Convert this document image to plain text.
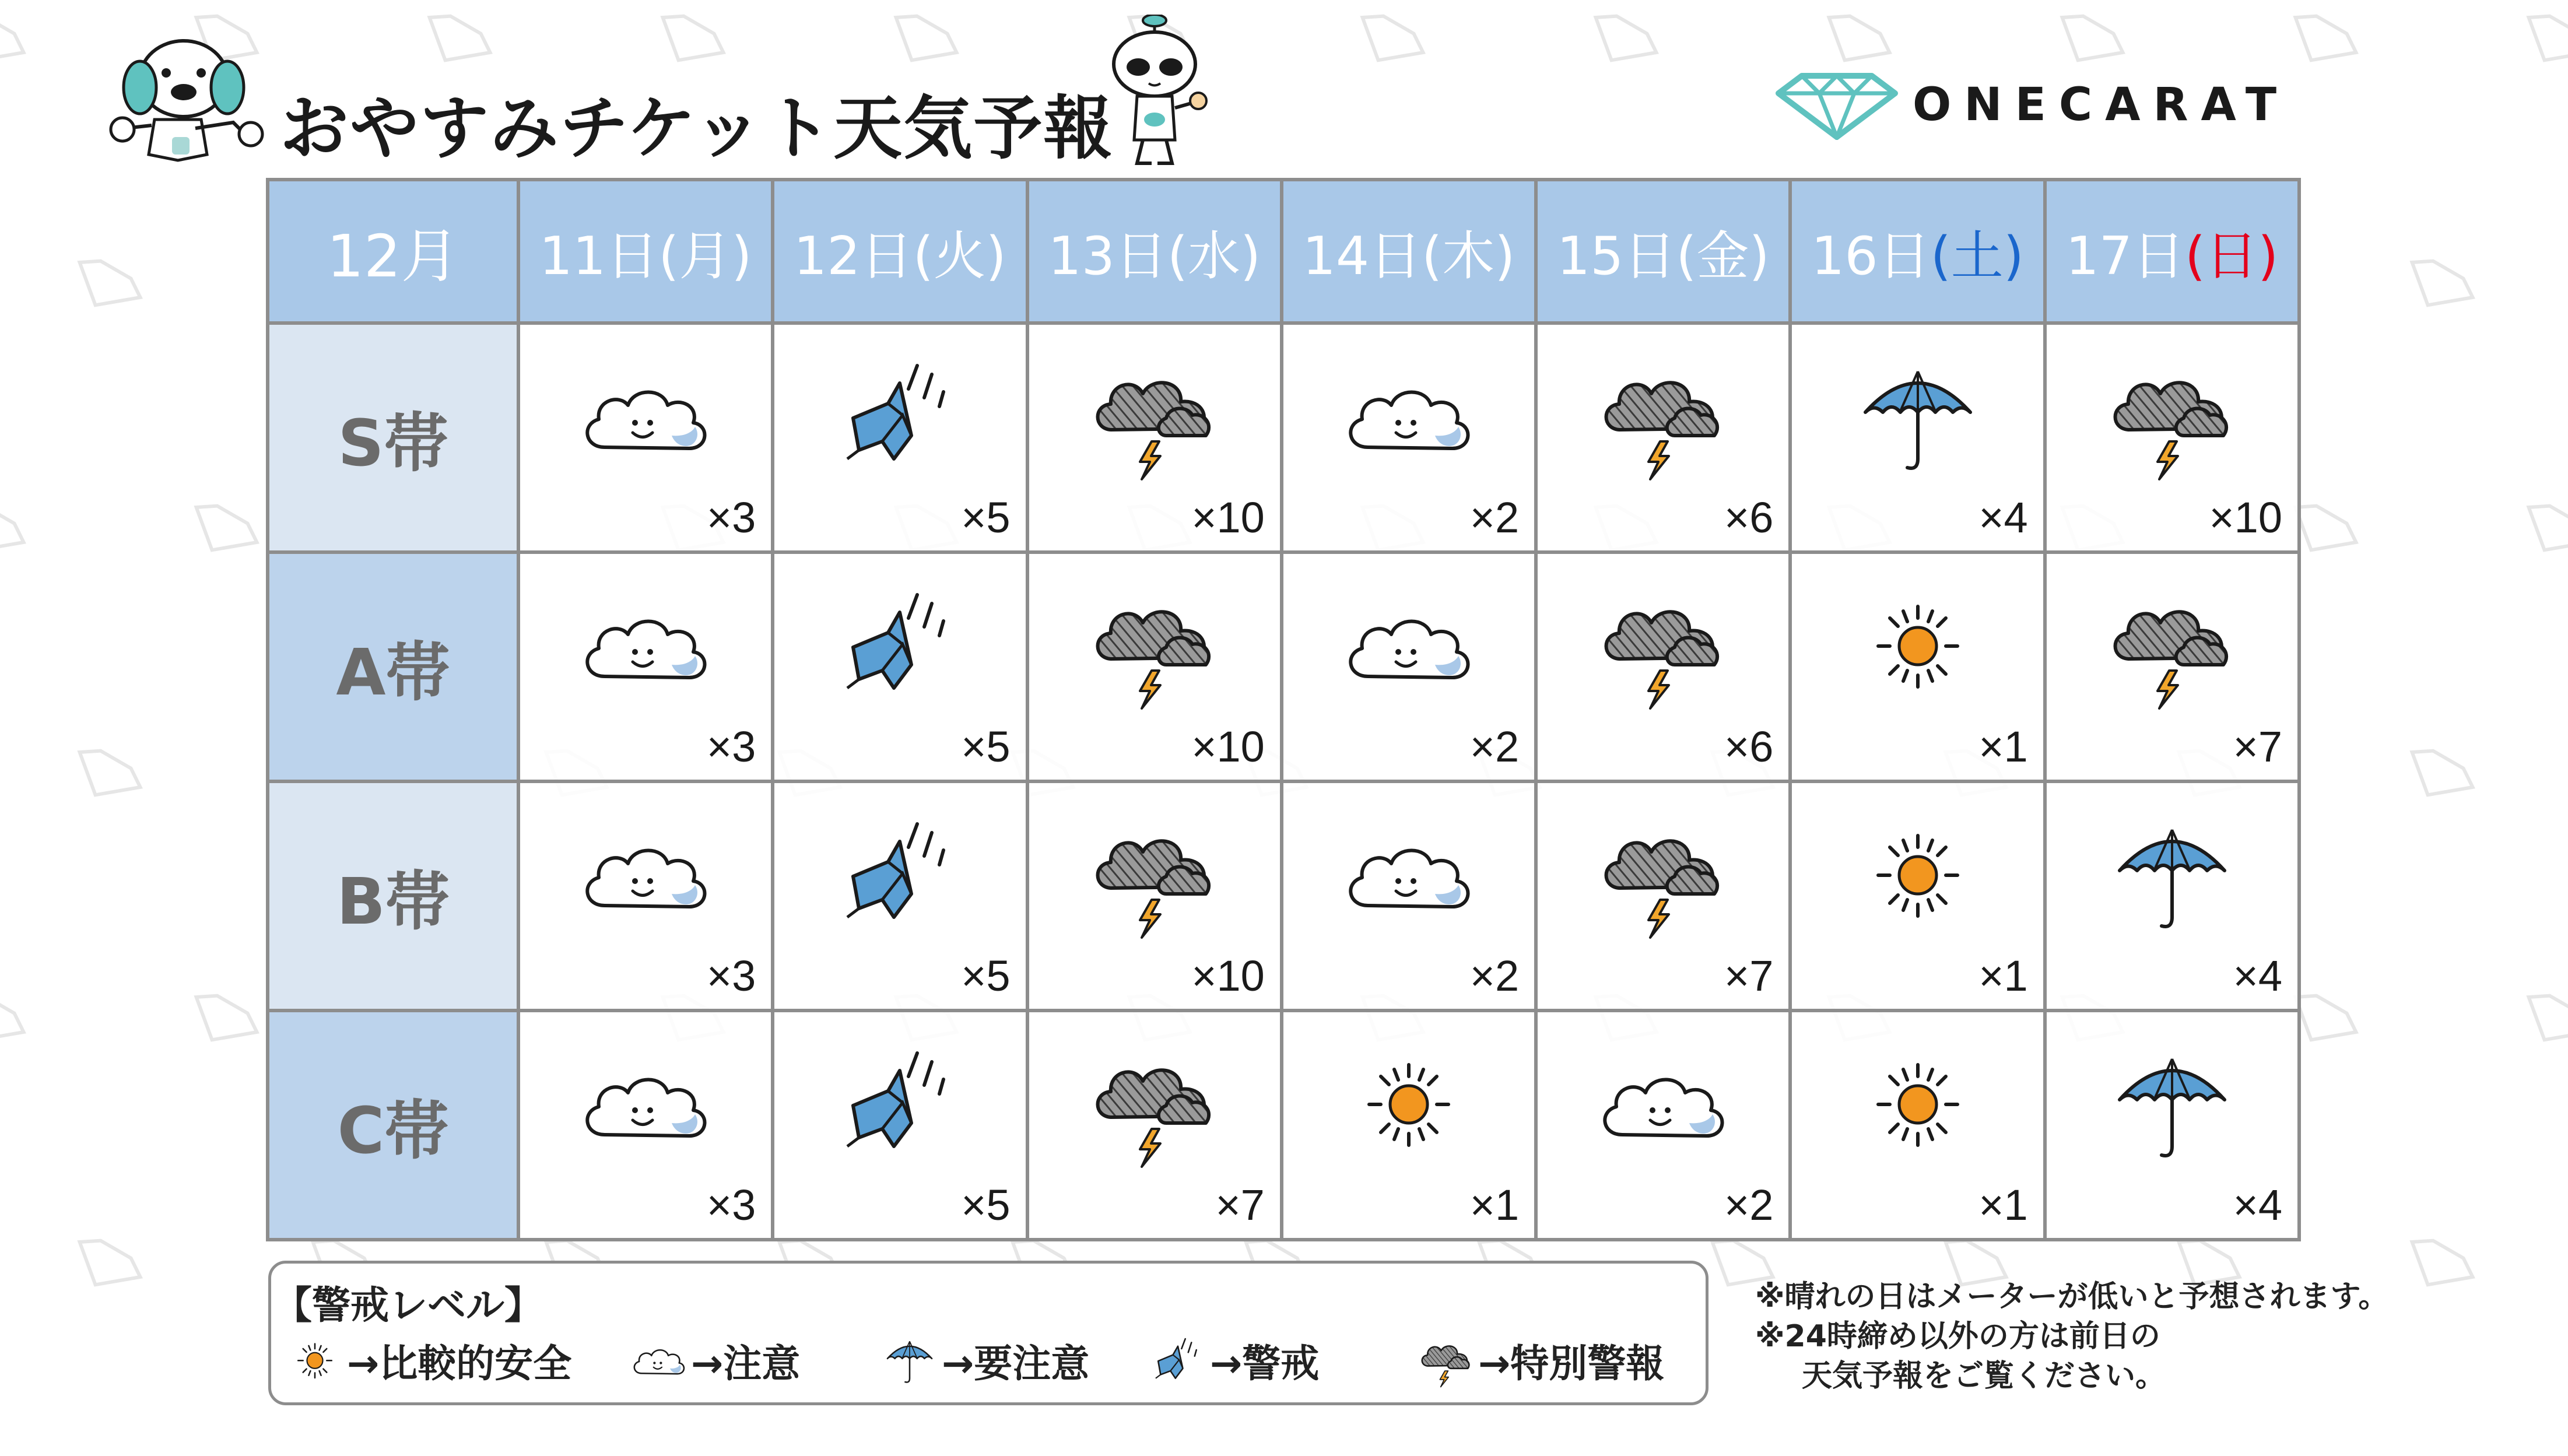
おやすみチケット天気予報	ONECARAT
12月	11日(月)	12日(火)	13日(水)	14日(木)	15日(金)	16日(土)	17日(日)
S帯	×3	×5	×10	×2	×6	×4	×10

A帯	×3	×5	×10	×2	×6	×1	×7

B帯	×3	×5	×10	×2	×7	×1	×4

C帯	×3	×5	×7	×1	×2	×1	×4
【警戒レベル】
→比較的安全	→注意	→要注意	→警戒	→特別警報
※晴れの日はメーターが低いと予想されます。
※24時締め以外の方は前日の
天気予報をご覧ください。
